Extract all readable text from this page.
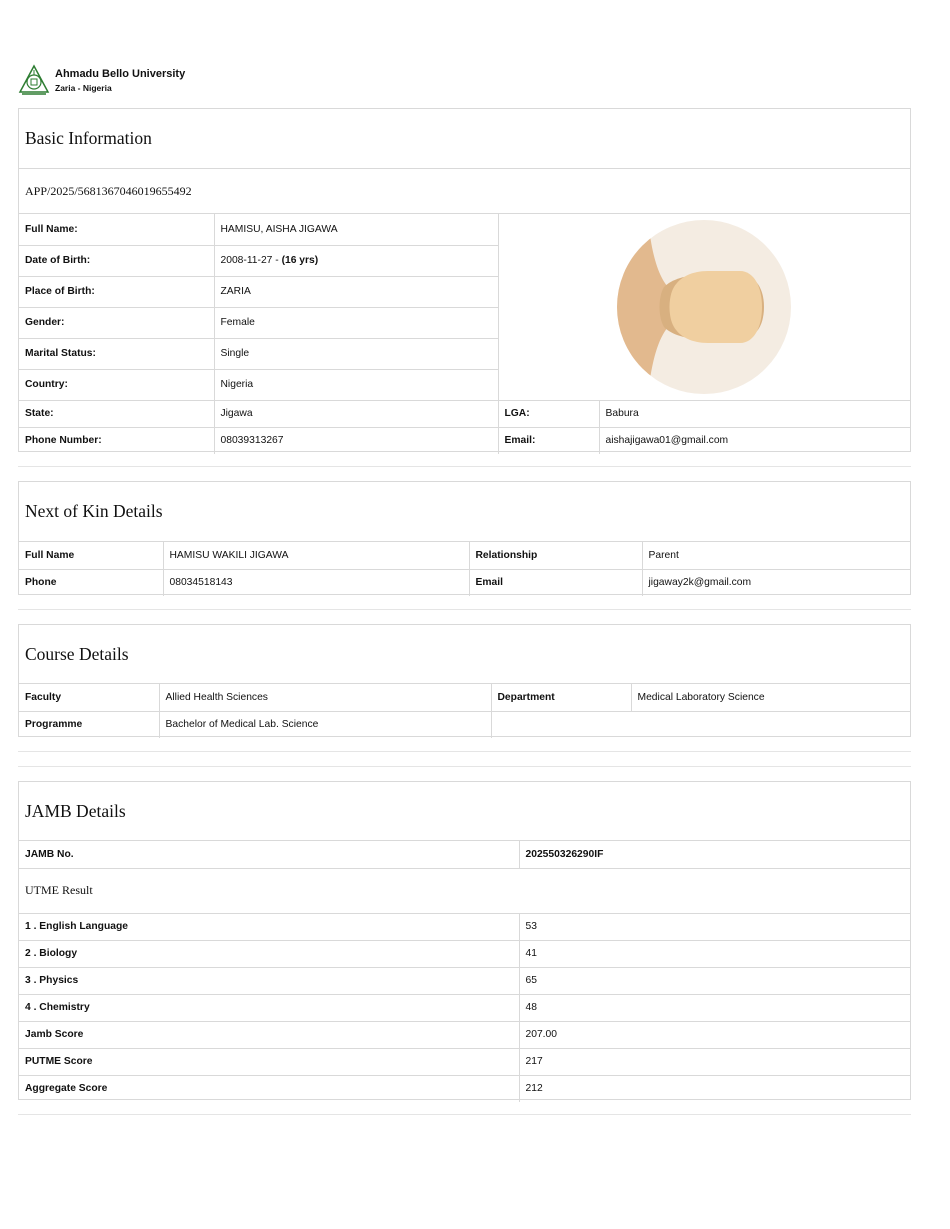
Ahmadu Bello University
Zaria - Nigeria
Basic Information
APP/2025/5681367046019655492
Full Name:	HAMISU, AISHA JIGAWA	

Date of Birth:	2008-11-27 - (16 yrs)		
Place of Birth:	ZARIA		
Gender:	Female		
Marital Status:	Single		
Country:	Nigeria		
State:	Jigawa	LGA:	Babura
Phone Number:	08039313267	Email:	aishajigawa01@gmail.com
Next of Kin Details
Full Name	HAMISU WAKILI JIGAWA	Relationship	Parent
Phone	08034518143	Email	jigaway2k@gmail.com
Course Details
Faculty	Allied Health Sciences	Department	Medical Laboratory Science
Programme	Bachelor of Medical Lab. Science		
JAMB Details
JAMB No.	202550326290IF
UTME Result	
1 . English Language	53
2 . Biology	41
3 . Physics	65
4 . Chemistry	48
Jamb Score	207.00
PUTME Score	217
Aggregate Score	212
